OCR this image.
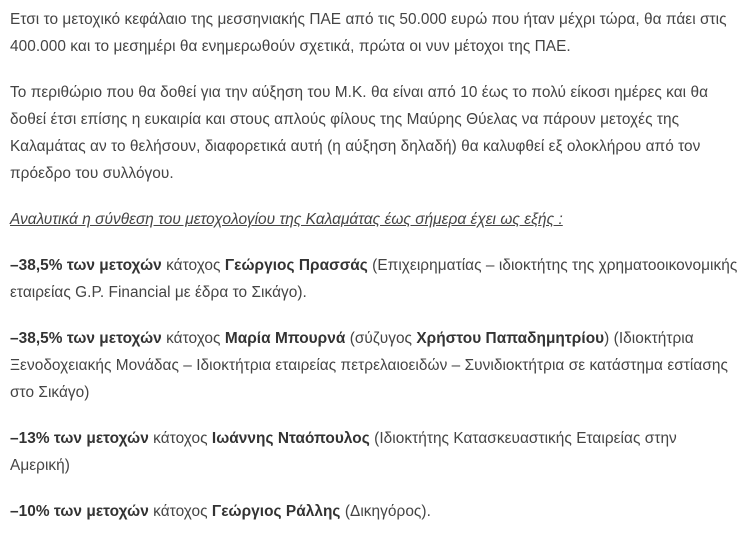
Ετσι το μετοχικό κεφάλαιο της μεσσηνιακής ΠΑΕ από τις 50.000 ευρώ που ήταν μέχρι τώρα, θα πάει στις 400.000 και το μεσημέρι θα ενημερωθούν σχετικά, πρώτα οι νυν μέτοχοι της ΠΑΕ.

Το περιθώριο που θα δοθεί για την αύξηση του Μ.Κ. θα είναι από 10 έως το πολύ είκοσι ημέρες και θα δοθεί έτσι επίσης η ευκαιρία και στους απλούς φίλους της Μαύρης Θύελας να πάρουν μετοχές της Καλαμάτας αν το θελήσουν, διαφορετικά αυτή (η αύξηση δηλαδή) θα καλυφθεί εξ ολοκλήρου από τον πρόεδρο του συλλόγου.

Αναλυτικά η σύνθεση του μετοχολογίου της Καλαμάτας έως σήμερα έχει ως εξής :

–38,5% των μετοχών κάτοχος Γεώργιος Πρασσάς (Επιχειρηματίας – ιδιοκτήτης της χρηματοοικονομικής εταιρείας G.P. Financial με έδρα το Σικάγο).

–38,5% των μετοχών κάτοχος Μαρία Μπουρνά (σύζυγος Χρήστου Παπαδημητρίου) (Ιδιοκτήτρια Ξενοδοχειακής Μονάδας – Ιδιοκτήτρια εταιρείας πετρελαιοειδών – Συνιδιοκτήτρια σε κατάστημα εστίασης στο Σικάγο)

–13% των μετοχών κάτοχος Ιωάννης Νταόπουλος (Ιδιοκτήτης Κατασκευαστικής Εταιρείας στην Αμερική)

–10% των μετοχών κάτοχος Γεώργιος Ράλλης (Δικηγόρος).
